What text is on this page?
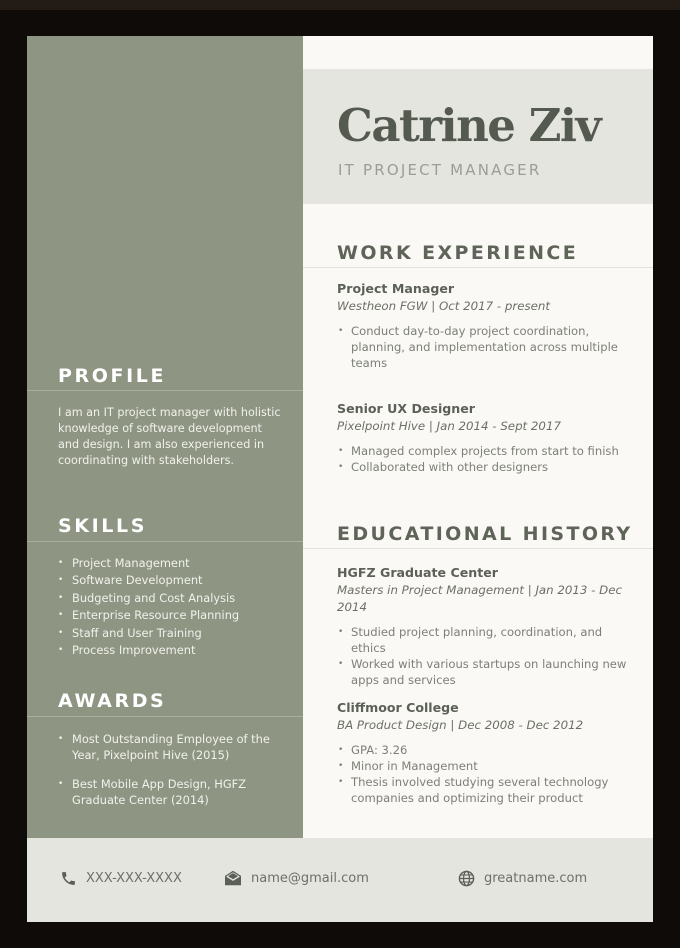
PROFILE
I am an IT project manager with holistic knowledge of software development and design. I am also experienced in coordinating with stakeholders.
SKILLS
• Project Management
• Software Development
• Budgeting and Cost Analysis
• Enterprise Resource Planning
• Staff and User Training
• Process Improvement
AWARDS
• Most Outstanding Employee of the Year, Pixelpoint Hive (2015)
• Best Mobile App Design, HGFZ Graduate Center (2014)
Catrine Ziv
IT PROJECT MANAGER
WORK EXPERIENCE
Project Manager
Westheon FGW | Oct 2017 - present
• Conduct day-to-day project coordination, planning, and implementation across multiple teams
Senior UX Designer
Pixelpoint Hive | Jan 2014 - Sept 2017
• Managed complex projects from start to finish
• Collaborated with other designers
EDUCATIONAL HISTORY
HGFZ Graduate Center
Masters in Project Management | Jan 2013 - Dec 2014
• Studied project planning, coordination, and ethics
• Worked with various startups on launching new apps and services
Cliffmoor College
BA Product Design | Dec 2008 - Dec 2012
• GPA: 3.26
• Minor in Management
• Thesis involved studying several technology companies and optimizing their product
XXX-XXX-XXXX	name@gmail.com	greatname.com
